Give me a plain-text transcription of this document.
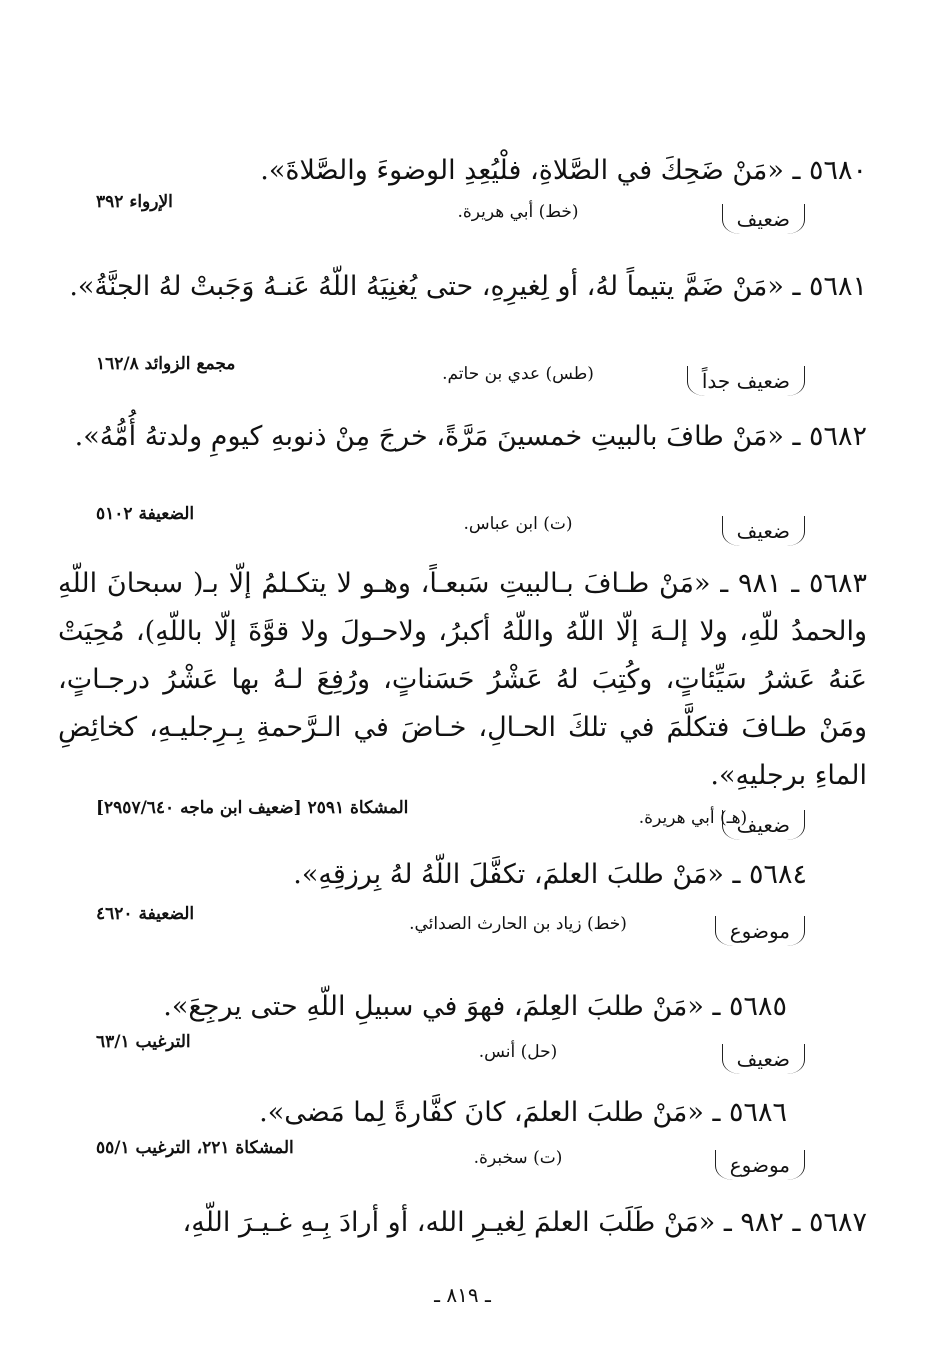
٥٦٨٠ ـ «مَنْ ضَحِكَ في الصَّلاةِ، فلْيُعِدِ الوضوءَ والصَّلاةَ».
ضعيف
(خط) أبي هريرة.
الإرواء ٣٩٢
٥٦٨١ ـ «مَنْ ضَمَّ يتيماً لهُ، أو لِغيرِهِ، حتى يُغنِيَهُ اللّهُ عَنـهُ وَجَبتْ لهُ الجنَّةُ».
ضعيف جداً
(طس) عدي بن حاتم.
مجمع الزوائد ١٦٢/٨
٥٦٨٢ ـ «مَنْ طافَ بالبيتِ خمسينَ مَرَّةً، خرجَ مِنْ ذنوبهِ كيومِ ولدتهُ أُمُّهُ».
ضعيف
(ت) ابن عباس.
الضعيفة ٥١٠٢
٥٦٨٣ ـ ٩٨١ ـ «مَنْ طـافَ بـالبيتِ سَبعـاً، وهـو لا يتكـلمُ إلّا بـ( سبحانَ اللّهِ والحمدُ للّهِ، ولا إلـهَ إلّا اللّهُ واللّهُ أكبرُ، ولاحـولَ ولا قوَّةَ إلّا باللّهِ)، مُحِيَتْ عَنهُ عَشرُ سَيِّئاتٍ، وكُتِبَ لهُ عَشْرُ حَسَناتٍ، ورُفِعَ لـهُ بها عَشْرُ درجـاتٍ، ومَنْ طـافَ فتكلَّمَ في تلكَ الحـالِ، خـاضَ في الـرَّحمةِ بِـرِجليـهِ، كخائِضِ الماءِ برجليهِ».
ضعيف
(هـ) أبي هريرة.
المشكاة ٢٥٩١ [ضعيف ابن ماجه ٢٩٥٧/٦٤٠]
٥٦٨٤ ـ «مَنْ طلبَ العلمَ، تكفَّلَ اللّهُ لهُ بِرزقِهِ».
موضوع
(خط) زياد بن الحارث الصدائي.
الضعيفة ٤٦٢٠
٥٦٨٥ ـ «مَنْ طلبَ العِلمَ، فهوَ في سبيلِ اللّهِ حتى يرجِعَ».
ضعيف
(حل) أنس.
الترغيب ٦٣/١
٥٦٨٦ ـ «مَنْ طلبَ العلمَ، كانَ كفَّارةً لِما مَضى».
موضوع
(ت) سخبرة.
المشكاة ٢٢١، الترغيب ٥٥/١
٥٦٨٧ ـ ٩٨٢ ـ «مَنْ طَلَبَ العلمَ لِغيـرِ الله، أو أرادَ بِـهِ غـيـرَ اللّهِ،
ـ ٨١٩ ـ
